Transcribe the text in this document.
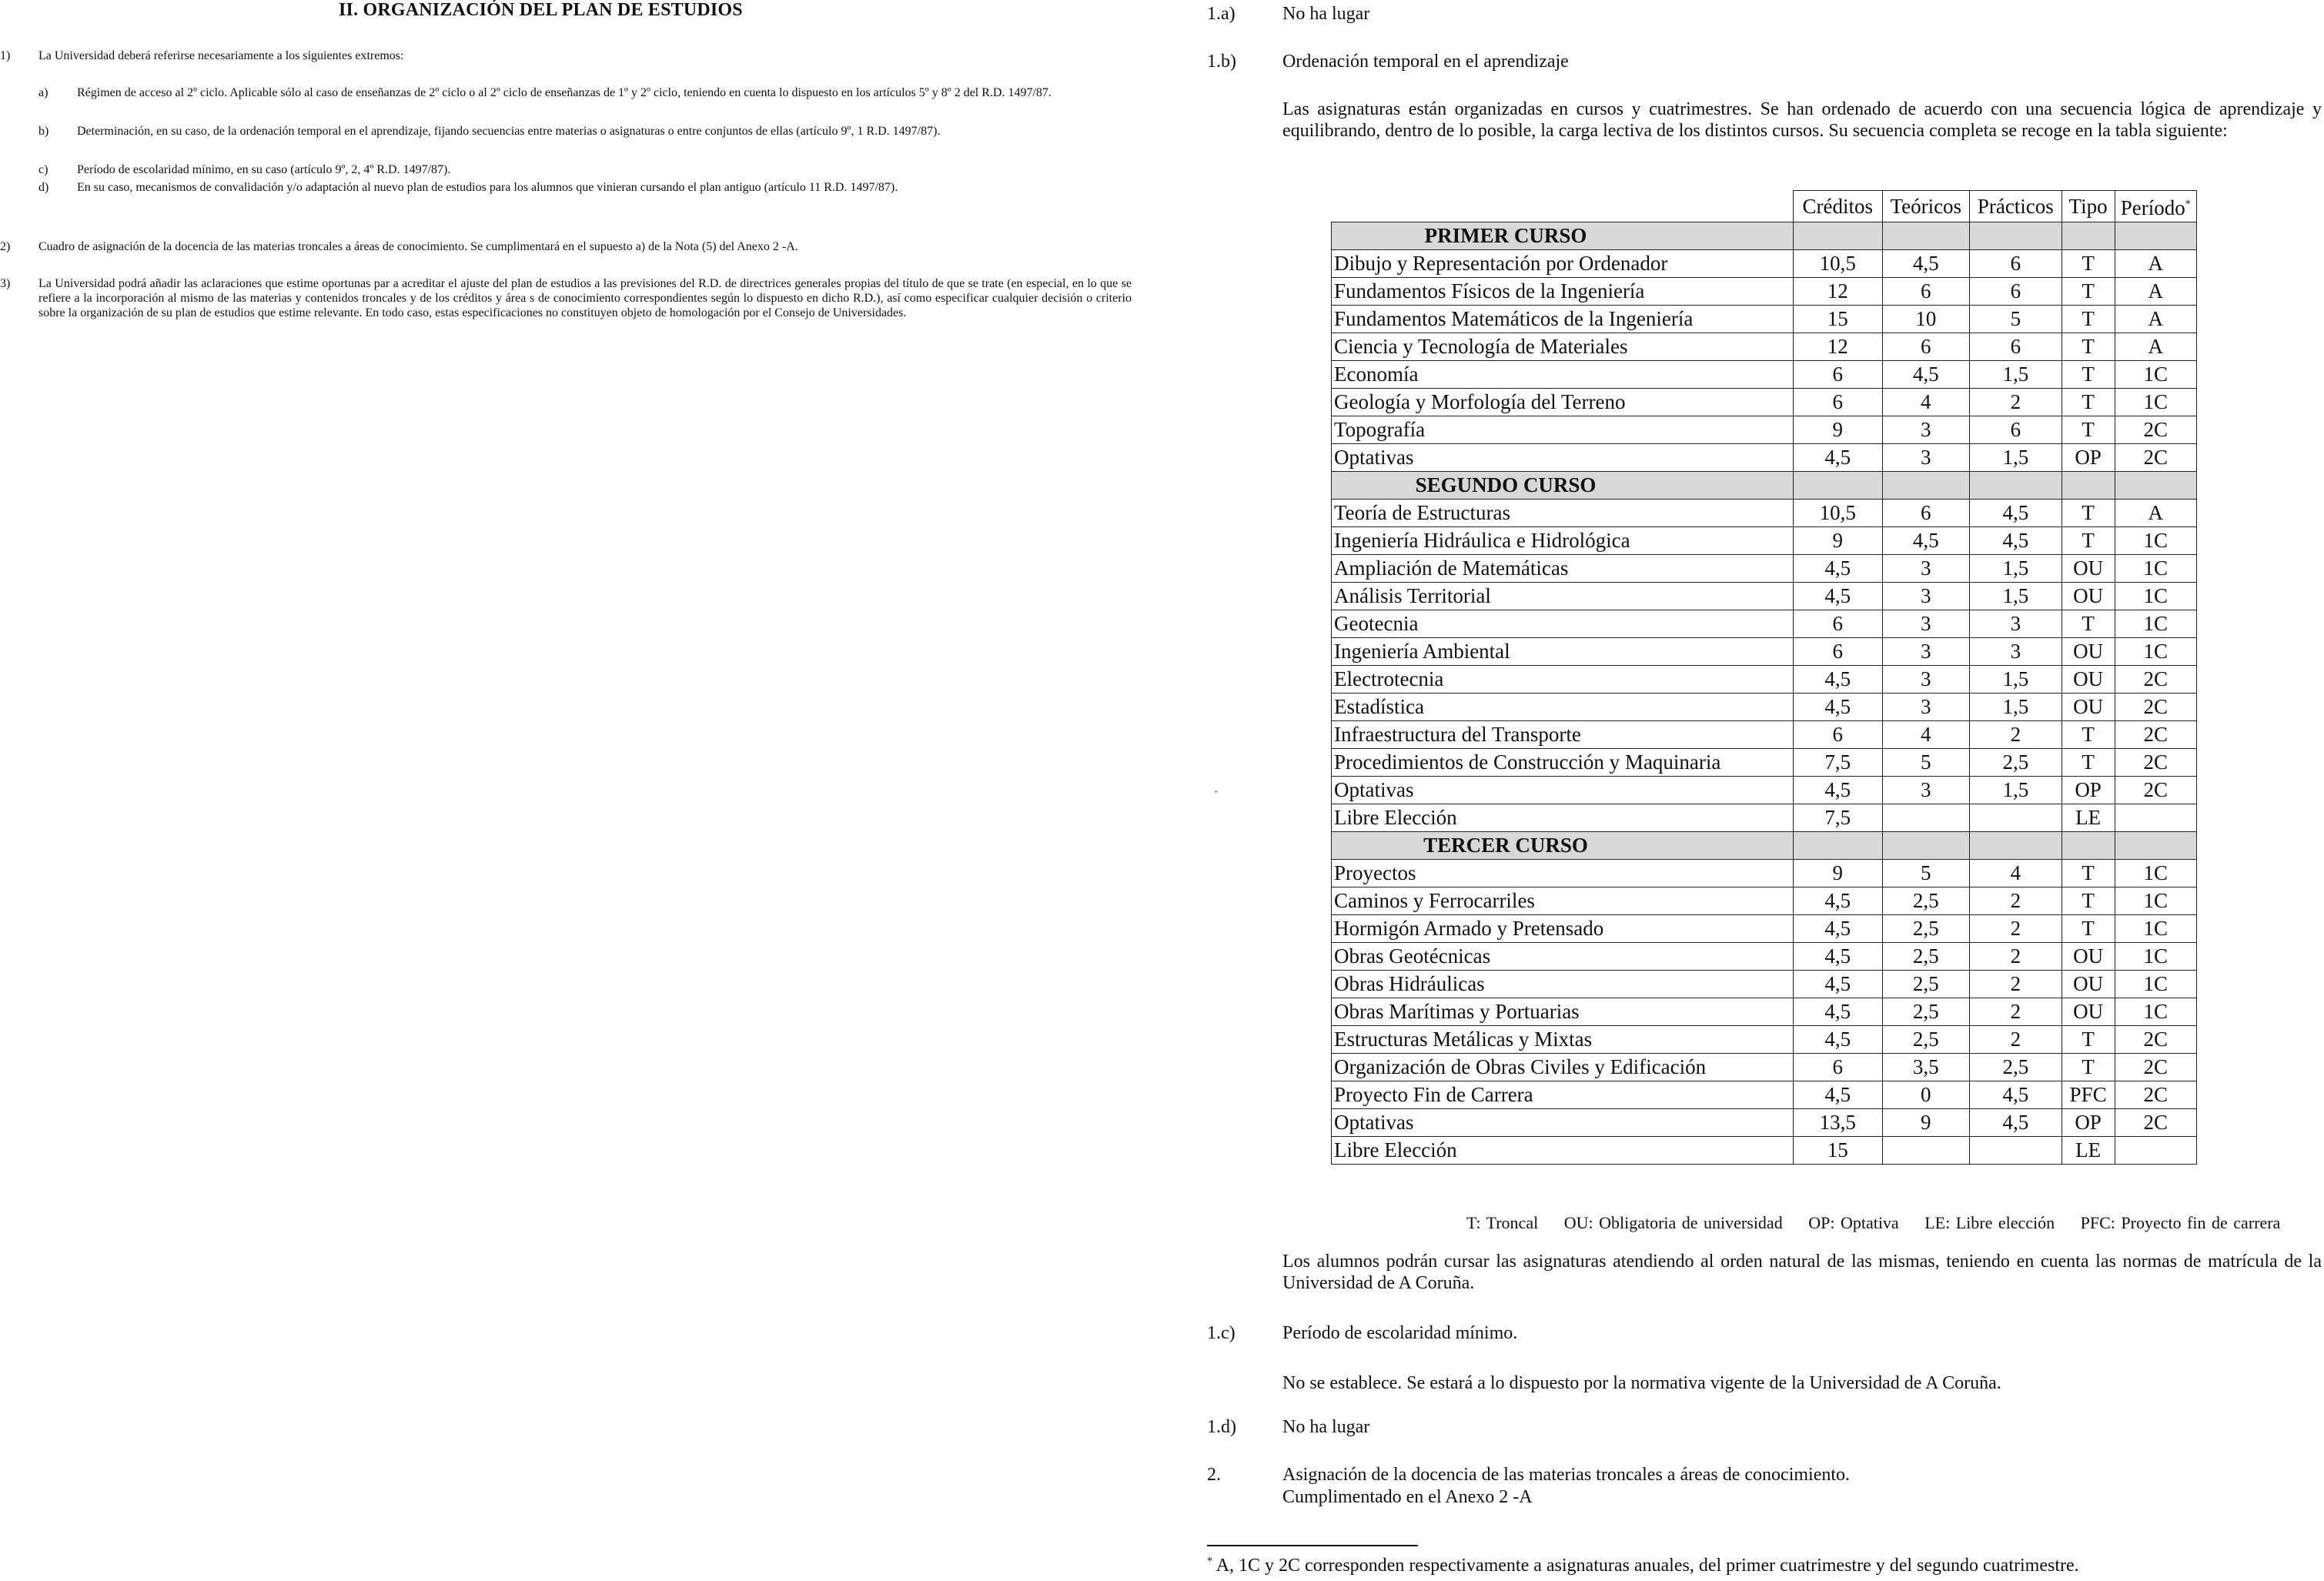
II. ORGANIZACIÓN DEL PLAN DE ESTUDIOS
1) La Universidad deberá referirse necesariamente a los siguientes extremos:
a) Régimen de acceso al 2º ciclo. Aplicable sólo al caso de enseñanzas de 2º ciclo o al 2º ciclo de enseñanzas de 1º y 2º ciclo, teniendo en cuenta lo dispuesto en los artículos 5º y 8º 2 del R.D. 1497/87.
b) Determinación, en su caso, de la ordenación temporal en el aprendizaje, fijando secuencias entre materias o asignaturas o entre conjuntos de ellas (artículo 9º, 1 R.D. 1497/87).
c) Período de escolaridad mínimo, en su caso (artículo 9º, 2, 4º R.D. 1497/87).
d) En su caso, mecanismos de convalidación y/o adaptación al nuevo plan de estudios para los alumnos que vinieran cursando el plan antiguo (artículo 11 R.D. 1497/87).
2) Cuadro de asignación de la docencia de las materias troncales a áreas de conocimiento. Se cumplimentará en el supuesto a) de la Nota (5) del Anexo 2 -A.
3) La Universidad podrá añadir las aclaraciones que estime oportunas par a acreditar el ajuste del plan de estudios a las previsiones del R.D. de directrices generales propias del título de que se trate (en especial, en lo que se refiere a la incorporación al mismo de las materias y contenidos troncales y de los créditos y área s de conocimiento correspondientes según lo dispuesto en dicho R.D.), así como especificar cualquier decisión o criterio sobre la organización de su plan de estudios que estime relevante. En todo caso, estas especificaciones no constituyen objeto de homologación por el Consejo de Universidades.
1.a)	No ha lugar
1.b)	Ordenación temporal en el aprendizaje
Las asignaturas están organizadas en cursos y cuatrimestres. Se han ordenado de acuerdo con una secuencia lógica de aprendizaje y equilibrando, dentro de lo posible, la carga lectiva de los distintos cursos. Su secuencia completa se recoge en la tabla siguiente:
	Créditos	Teóricos	Prácticos	Tipo	Período*
PRIMER CURSO					
Dibujo y Representación por Ordenador	10,5	4,5	6	T	A
Fundamentos Físicos de la Ingeniería	12	6	6	T	A
Fundamentos Matemáticos de la Ingeniería	15	10	5	T	A
Ciencia y Tecnología de Materiales	12	6	6	T	A
Economía	6	4,5	1,5	T	1C
Geología y Morfología del Terreno	6	4	2	T	1C
Topografía	9	3	6	T	2C
Optativas	4,5	3	1,5	OP	2C
SEGUNDO CURSO					
Teoría de Estructuras	10,5	6	4,5	T	A
Ingeniería Hidráulica e Hidrológica	9	4,5	4,5	T	1C
Ampliación de Matemáticas	4,5	3	1,5	OU	1C
Análisis Territorial	4,5	3	1,5	OU	1C
Geotecnia	6	3	3	T	1C
Ingeniería Ambiental	6	3	3	OU	1C
Electrotecnia	4,5	3	1,5	OU	2C
Estadística	4,5	3	1,5	OU	2C
Infraestructura del Transporte	6	4	2	T	2C
Procedimientos de Construcción y Maquinaria	7,5	5	2,5	T	2C
Optativas	4,5	3	1,5	OP	2C
Libre Elección	7,5			LE	
TERCER CURSO					
Proyectos	9	5	4	T	1C
Caminos y Ferrocarriles	4,5	2,5	2	T	1C
Hormigón Armado y Pretensado	4,5	2,5	2	T	1C
Obras Geotécnicas	4,5	2,5	2	OU	1C
Obras Hidráulicas	4,5	2,5	2	OU	1C
Obras Marítimas y Portuarias	4,5	2,5	2	OU	1C
Estructuras Metálicas y Mixtas	4,5	2,5	2	T	2C
Organización de Obras Civiles y Edificación	6	3,5	2,5	T	2C
Proyecto Fin de Carrera	4,5	0	4,5	PFC	2C
Optativas	13,5	9	4,5	OP	2C
Libre Elección	15			LE	
T: Troncal OU: Obligatoria de universidad OP: Optativa LE: Libre elección PFC: Proyecto fin de carrera
Los alumnos podrán cursar las asignaturas atendiendo al orden natural de las mismas, teniendo en cuenta las normas de matrícula de la Universidad de A Coruña.
1.c)	Período de escolaridad mínimo.
No se establece. Se estará a lo dispuesto por la normativa vigente de la Universidad de A Coruña.
1.d)	No ha lugar
2.	Asignación de la docencia de las materias troncales a áreas de conocimiento.
Cumplimentado en el Anexo 2 -A
* A, 1C y 2C corresponden respectivamente a asignaturas anuales, del primer cuatrimestre y del segundo cuatrimestre.
